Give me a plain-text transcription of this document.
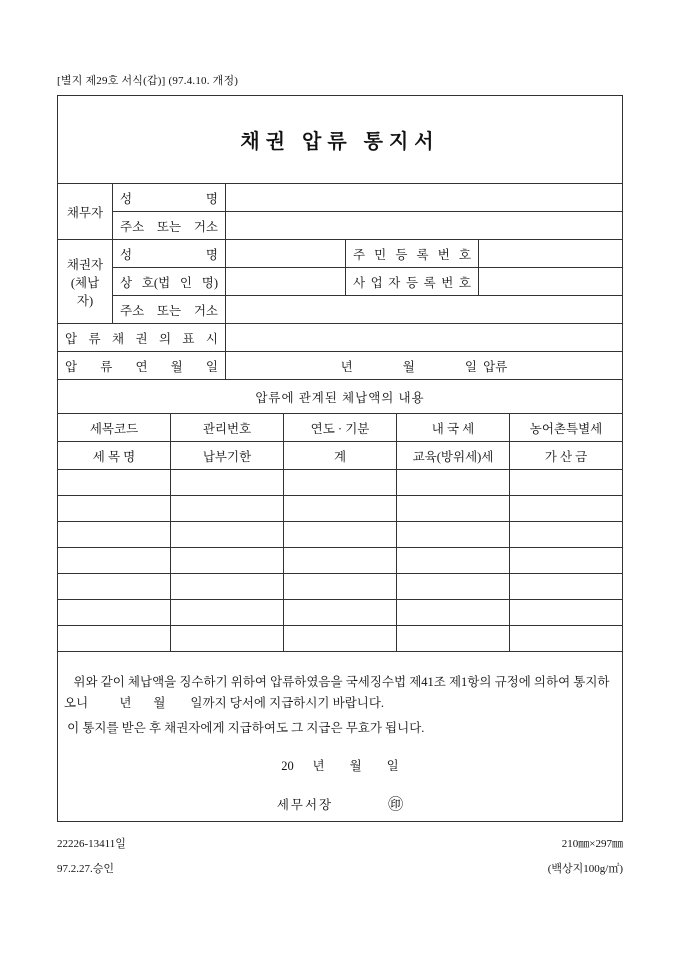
[별지 제29호 서식(갑)] (97.4.10. 개정)
채권 압류 통지서
채무자	성 명			
	주소 또는 거소			

채권자
(체납자)	성 명		주 민 등 록 번 호	
	상 호(법 인 명)		사 업 자 등 록 번 호	
	주소 또는 거소			
압 류 채 권 의 표 시				
압 류 연 월 일		년                월                일  압류		
압류에 관계된 체납액의 내용				
세목코드	관리번호	연도 · 기분	내 국 세	농어촌특별세
세 목 명	납부기한	계	교육(방위세)세	가 산 금

위와 같이 체납액을 징수하기 위하여 압류하였음을 국세징수법 제41조 제1항의 규정에 의하여 통지하오니          년       월        일까지 당서에 지급하시기 바랍니다.

이 통지를 받은 후 채권자에게 지급하여도 그 지급은 무효가 됩니다.

20      년        월        일
세무서장	㊞
22226-13411일
97.2.27.승인
210㎜×297㎜
(백상지100g/㎡)
